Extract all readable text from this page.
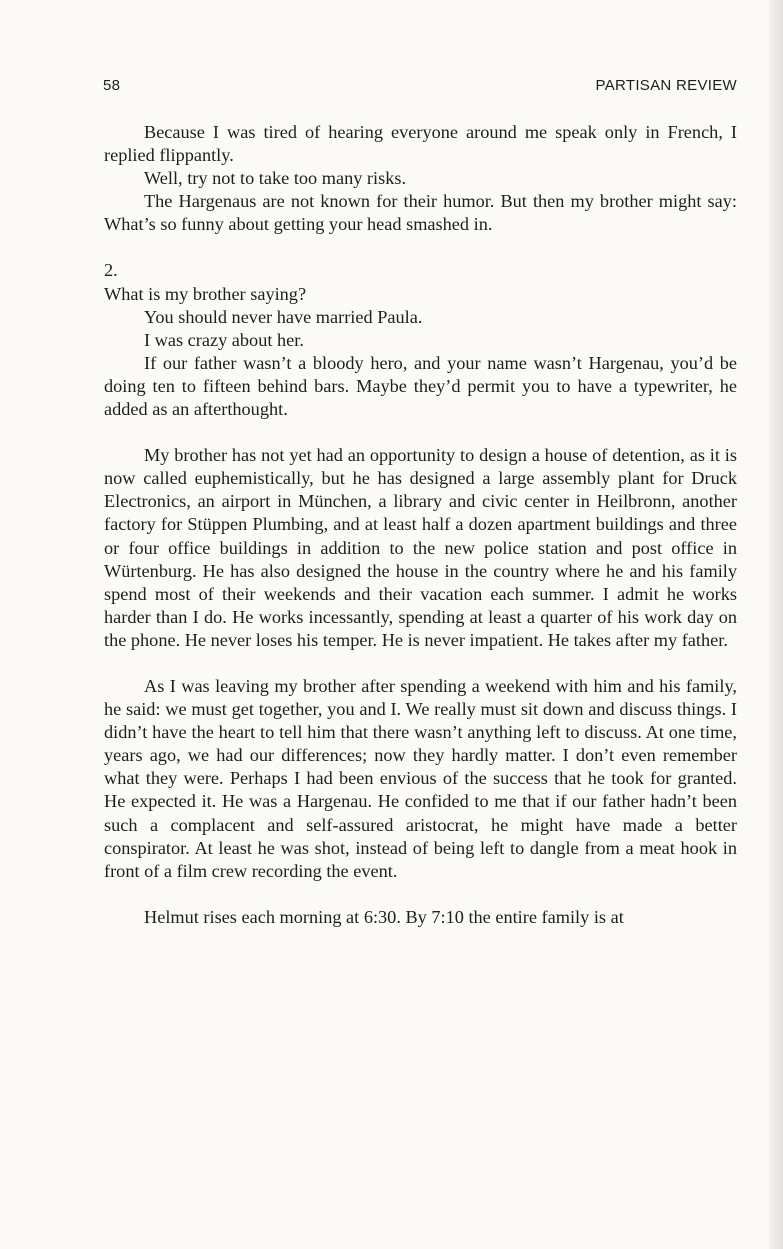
58	PARTISAN REVIEW

Because I was tired of hearing everyone around me speak only in French, I replied flippantly.

Well, try not to take too many risks.

The Hargenaus are not known for their humor. But then my brother might say: What’s so funny about getting your head smashed in.

2.

What is my brother saying?

You should never have married Paula.

I was crazy about her.

If our father wasn’t a bloody hero, and your name wasn’t Hargenau, you’d be doing ten to fifteen behind bars. Maybe they’d permit you to have a typewriter, he added as an afterthought.

My brother has not yet had an opportunity to design a house of detention, as it is now called euphemistically, but he has designed a large assembly plant for Druck Electronics, an airport in München, a library and civic center in Heilbronn, another factory for Stüppen Plumbing, and at least half a dozen apartment buildings and three or four office buildings in addition to the new police station and post office in Würtenburg. He has also designed the house in the country where he and his family spend most of their weekends and their vacation each summer. I admit he works harder than I do. He works incessantly, spending at least a quarter of his work day on the phone. He never loses his temper. He is never impatient. He takes after my father.

As I was leaving my brother after spending a weekend with him and his family, he said: we must get together, you and I. We really must sit down and discuss things. I didn’t have the heart to tell him that there wasn’t anything left to discuss. At one time, years ago, we had our differences; now they hardly matter. I don’t even remember what they were. Perhaps I had been envious of the success that he took for granted. He expected it. He was a Hargenau. He confided to me that if our father hadn’t been such a complacent and self-assured aristocrat, he might have made a better conspirator. At least he was shot, instead of being left to dangle from a meat hook in front of a film crew recording the event.

Helmut rises each morning at 6:30. By 7:10 the entire family is at
